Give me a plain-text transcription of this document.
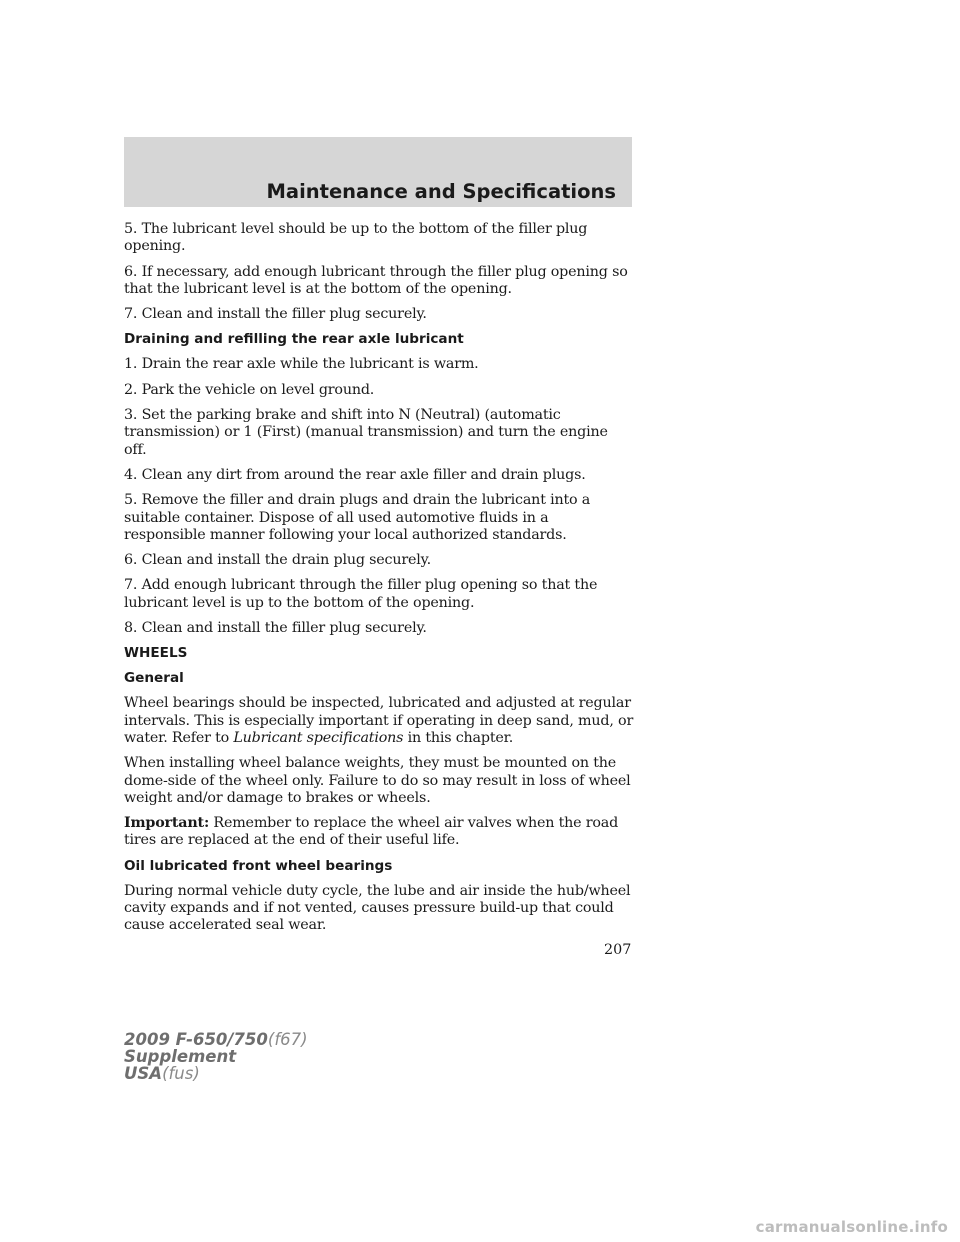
Maintenance and Specifications

5. The lubricant level should be up to the bottom of the filler plug opening.

6. If necessary, add enough lubricant through the filler plug opening so that the lubricant level is at the bottom of the opening.

7. Clean and install the filler plug securely.

Draining and refilling the rear axle lubricant

1. Drain the rear axle while the lubricant is warm.

2. Park the vehicle on level ground.

3. Set the parking brake and shift into N (Neutral) (automatic transmission) or 1 (First) (manual transmission) and turn the engine off.

4. Clean any dirt from around the rear axle filler and drain plugs.

5. Remove the filler and drain plugs and drain the lubricant into a suitable container. Dispose of all used automotive fluids in a responsible manner following your local authorized standards.

6. Clean and install the drain plug securely.

7. Add enough lubricant through the filler plug opening so that the lubricant level is up to the bottom of the opening.

8. Clean and install the filler plug securely.

WHEELS
General

Wheel bearings should be inspected, lubricated and adjusted at regular intervals. This is especially important if operating in deep sand, mud, or water. Refer to Lubricant specifications in this chapter.

When installing wheel balance weights, they must be mounted on the dome-side of the wheel only. Failure to do so may result in loss of wheel weight and/or damage to brakes or wheels.

Important: Remember to replace the wheel air valves when the road tires are replaced at the end of their useful life.

Oil lubricated front wheel bearings

During normal vehicle duty cycle, the lube and air inside the hub/wheel cavity expands and if not vented, causes pressure build-up that could cause accelerated seal wear.

207
2009 F-650/750(f67)
Supplement
USA(fus)
carmanualsonline.info
